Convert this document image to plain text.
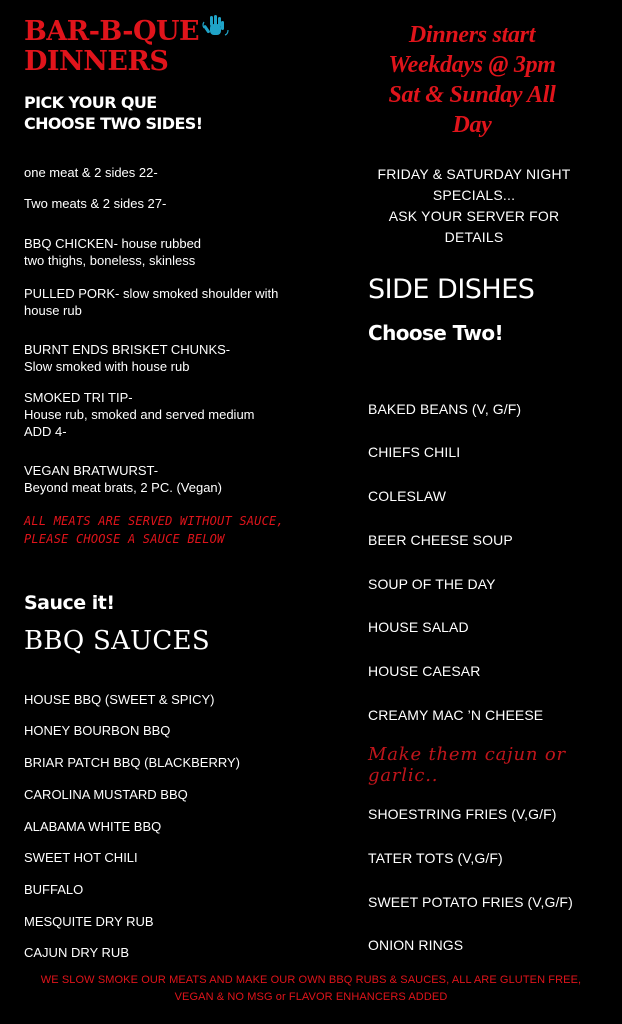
BAR-B-QUE
DINNERS
PICK YOUR QUE
CHOOSE TWO SIDES!
one meat & 2 sides 22-
Two meats & 2 sides 27-
BBQ CHICKEN- house rubbed
two thighs, boneless, skinless
PULLED PORK- slow smoked shoulder with
house rub
BURNT ENDS BRISKET CHUNKS-
Slow smoked with house rub
SMOKED TRI TIP-
House rub, smoked and served medium
ADD 4-
VEGAN BRATWURST-
Beyond meat brats, 2 PC. (Vegan)
ALL MEATS ARE SERVED WITHOUT SAUCE,
PLEASE CHOOSE A SAUCE BELOW
Sauce it!
BBQ SAUCES
HOUSE BBQ (SWEET & SPICY)
HONEY BOURBON BBQ
BRIAR PATCH BBQ (BLACKBERRY)
CAROLINA MUSTARD BBQ
ALABAMA WHITE BBQ
SWEET HOT CHILI
BUFFALO
MESQUITE DRY RUB
CAJUN DRY RUB
Dinners start
Weekdays @ 3pm
Sat & Sunday All
Day
FRIDAY & SATURDAY NIGHT
SPECIALS...
ASK YOUR SERVER FOR
DETAILS
SIDE DISHES
Choose Two!
BAKED BEANS (V, G/F)
CHIEFS CHILI
COLESLAW
BEER CHEESE SOUP
SOUP OF THE DAY
HOUSE SALAD
HOUSE CAESAR
CREAMY MAC ’N CHEESE
Make them cajun or garlic..
SHOESTRING FRIES (V,G/F)
TATER TOTS (V,G/F)
SWEET POTATO FRIES (V,G/F)
ONION RINGS
WE SLOW SMOKE OUR MEATS AND MAKE OUR OWN BBQ RUBS & SAUCES, ALL ARE GLUTEN FREE,
VEGAN & NO MSG or FLAVOR ENHANCERS ADDED
